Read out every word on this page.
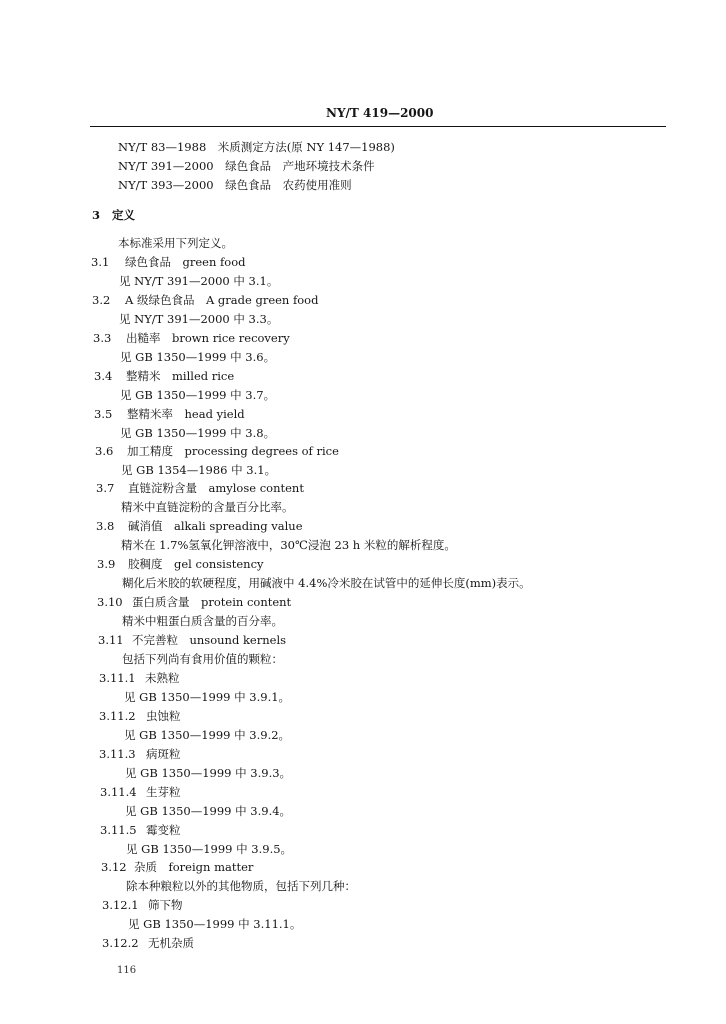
NY/T 419—2000
NY/T 83—1988　米质测定方法(原 NY 147—1988)
NY/T 391—2000　绿色食品　产地环境技术条件
NY/T 393—2000　绿色食品　农药使用准则
3 定义
本标准采用下列定义。
3.1 绿色食品　green food
见 NY/T 391—2000 中 3.1。
3.2 A 级绿色食品　A grade green food
见 NY/T 391—2000 中 3.3。
3.3 出糙率　brown rice recovery
见 GB 1350—1999 中 3.6。
3.4 整精米　milled rice
见 GB 1350—1999 中 3.7。
3.5 整精米率　head yield
见 GB 1350—1999 中 3.8。
3.6 加工精度　processing degrees of rice
见 GB 1354—1986 中 3.1。
3.7 直链淀粉含量　amylose content
精米中直链淀粉的含量百分比率。
3.8 碱消值　alkali spreading value
精米在 1.7%氢氧化钾溶液中，30℃浸泡 23 h 米粒的解析程度。
3.9 胶稠度　gel consistency
糊化后米胶的软硬程度，用碱液中 4.4%冷米胶在试管中的延伸长度(mm)表示。
3.10 蛋白质含量　protein content
精米中粗蛋白质含量的百分率。
3.11 不完善粒　unsound kernels
包括下列尚有食用价值的颗粒：
3.11.1 未熟粒
见 GB 1350—1999 中 3.9.1。
3.11.2 虫蚀粒
见 GB 1350—1999 中 3.9.2。
3.11.3 病斑粒
见 GB 1350—1999 中 3.9.3。
3.11.4 生芽粒
见 GB 1350—1999 中 3.9.4。
3.11.5 霉变粒
见 GB 1350—1999 中 3.9.5。
3.12 杂质　foreign matter
除本种粮粒以外的其他物质，包括下列几种：
3.12.1 筛下物
见 GB 1350—1999 中 3.11.1。
3.12.2 无机杂质
116
